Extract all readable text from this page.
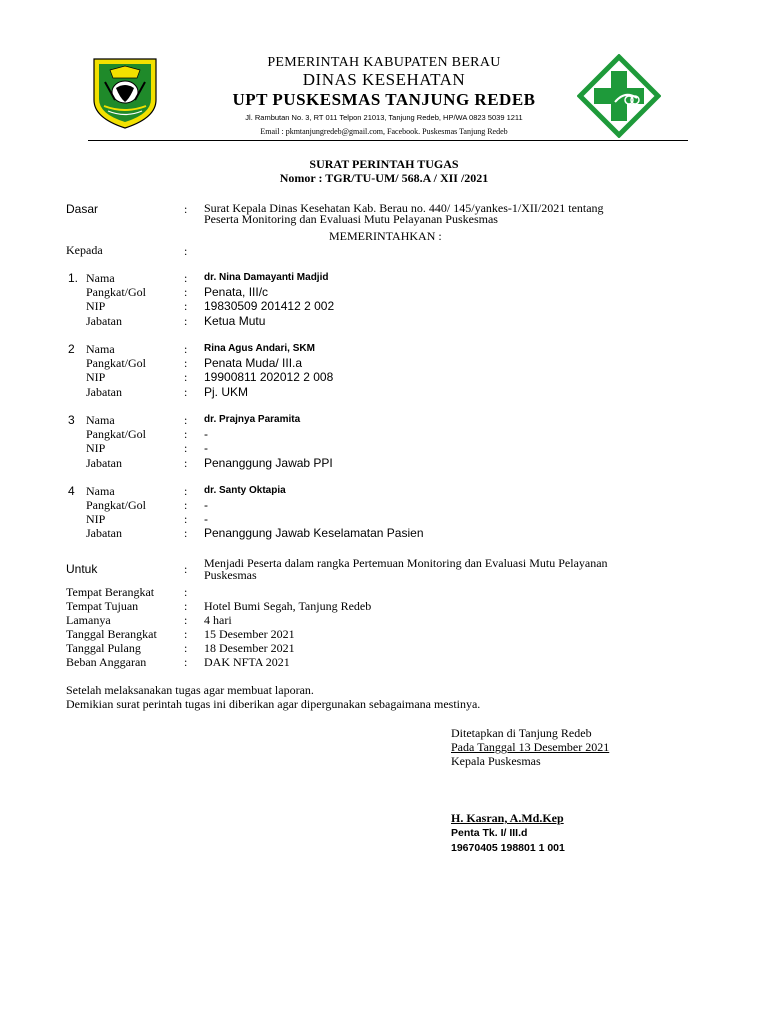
PEMERINTAH KABUPATEN BERAU
DINAS KESEHATAN
UPT PUSKESMAS TANJUNG REDEB
Jl. Rambutan No. 3, RT 011 Telpon 21013, Tanjung Redeb, HP/WA 0823 5039 1211
Email : pkmtanjungredeb@gmail.com, Facebook. Puskesmas Tanjung Redeb
SURAT PERINTAH TUGAS
Nomor : TGR/TU-UM/ 568.A / XII /2021
Dasar	: Surat Kepala Dinas Kesehatan Kab. Berau no. 440/ 145/yankes-1/XII/2021 tentang
Peserta Monitoring dan Evaluasi Mutu Pelayanan Puskesmas
MEMERINTAHKAN :
Kepada	:
1. Nama	: dr. Nina Damayanti Madjid
Pangkat/Gol	: Penata, III/c
NIP	: 19830509 201412 2 002
Jabatan	: Ketua Mutu
2 Nama	: Rina Agus Andari, SKM
Pangkat/Gol	: Penata Muda/ III.a
NIP	: 19900811 202012 2 008
Jabatan	: Pj. UKM
3 Nama	: dr. Prajnya Paramita
Pangkat/Gol	: -
NIP	: -
Jabatan	: Penanggung Jawab PPI
4 Nama	: dr. Santy Oktapia
Pangkat/Gol	: -
NIP	: -
Jabatan	: Penanggung Jawab Keselamatan Pasien
Untuk	: Menjadi Peserta dalam rangka Pertemuan Monitoring dan Evaluasi Mutu Pelayanan
Puskesmas
Tempat Berangkat :
Tempat Tujuan	: Hotel Bumi Segah, Tanjung Redeb
Lamanya	: 4 hari
Tanggal Berangkat : 15 Desember 2021
Tanggal Pulang	: 18 Desember 2021
Beban Anggaran	: DAK NFTA 2021
Setelah melaksanakan tugas agar membuat laporan.
Demikian surat perintah tugas ini diberikan agar dipergunakan sebagaimana mestinya.
Ditetapkan di Tanjung Redeb
Pada Tanggal 13 Desember 2021
Kepala Puskesmas
H. Kasran, A.Md.Kep
Penta Tk. I/ III.d
19670405 198801 1 001
